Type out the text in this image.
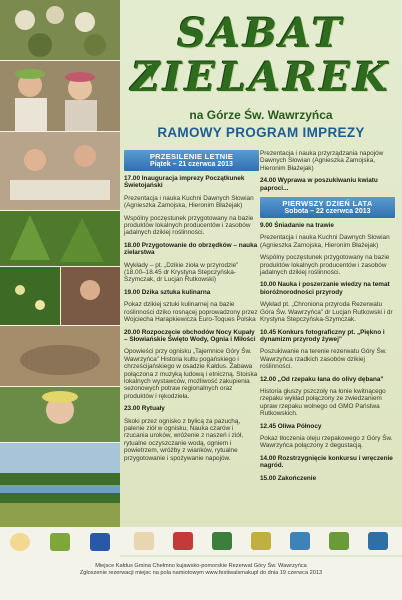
SABAT
ZIELAREK
na Górze Św. Wawrzyńca
RAMOWY PROGRAM IMPREZY
PRZESILENIE LETNIE
Piątek – 21 czerwca 2013
17.00 Inauguracja imprezy Początkunek Świetojański
Prezentacja i nauka Kuchni Dawnych Słowian (Agnieszka Zamojska, Hieronim Błażejak)
Wspólny poczęstunek przygotowany na bazie produktów lokalnych producentów i zasobów jadalnych dzikiej roślinności.
18.00 Przygotowanie do obrzędków – nauka zielarstwa
Wykłady – pt. „Dzikie zioła w przyrodzie” (18.00–18.45 dr Krystyna Stepczyńska-Szymczak, dr Lucjan Rutkowski)
19.00 Dzika sztuka kulinarna
Pokaz dzikiej sztuki kulinarnej na bazie roślinności dziko rosnącej poprowadzony przez Wojciecha Harapkiewicza Euro-Toques Polska
20.00 Rozpoczęcie obchodów Nocy Kupały – Słowiańskie Święto Wody, Ognia i Miłości
Opowieści przy ognisku „Tajemnice Góry Św. Wawrzyńca” Historia kultu pogańskiego i chrześcijańskiego w osadzie Kałdus. Zabawa połączona z muzyką ludową i etniczną. Stoiska lokalnych wystawców, możliwość zakupienia sezonowych potraw regionalnych oraz produktów i rękodzieła.
23.00 Rytuały
Skoki przez ognisko z bylicą za pazuchą, palenie ziół w ognisku, Nauka czarów i rzucania uroków, wróżenie z naszeń i ziół, rytualne oczyszczanie wodą, ogniem i powietrzem, wróżby z wianków, rytualne przygotowanie i spożywanie napojów.
Prezentacja i nauka przyrządzania napojów Dawnych Słowian (Agnieszka Zamojska, Hieronim Błażejak)
24.00 Wyprawa w poszukiwaniu kwiatu paproci...
PIERWSZY DZIEŃ LATA
Sobota – 22 czerwca 2013
9.00 Śniadanie na trawie
Prezentacja i nauka Kuchni Dawnych Słowian (Agnieszka Zamojska, Hieronim Błażejak)
Wspólny poczęstunek przygotowany na bazie produktów lokalnych producentów i zasobów jadalnych dzikiej roślinności.
10.00 Nauka i poszerzanie wiedzy na temat bioróżnorodności przyrody
Wykład pt. „Chroniona przyroda Rezerwatu Góra Św. Wawrzyńca” dr Lucjan Rutkowski i dr Krystyna Stepczyńska-Szymczak.
10.45 Konkurs fotograficzny pt. „Piękno i dynamizm przyrody żywej”
Poszukiwanie na terenie rezerwatu Góry Św. Wawrzyńca rzadkich zasobów dzikiej roślinności.
12.00 „Od rzepaku łana do olivy dębana”
Historia głuszy pszczoły na łonie kwitnącego rzepaku wykład połączony ze zwiedzaniem upraw rzepaku wolnego od GMO Państwa Rutkowskich.
12.45 Oliwa Północy
Pokaz tłoczenia oleju rzepakowego z Góry Św. Wawrzyńca połączony z degustacją.
14.00 Rozstrzygnięcie konkursu i wręczenie nagród.
15.00 Zakończenie
Miejsce Kałdus Gmina Chełmno kujawsko-pomorskie Rezerwat Góry Św. Wawrzyńca
Zgłoszenie rezerwacji miejsc na pola namiotowym www.festiwalsmakupl do dnia 19 czerwca 2013
